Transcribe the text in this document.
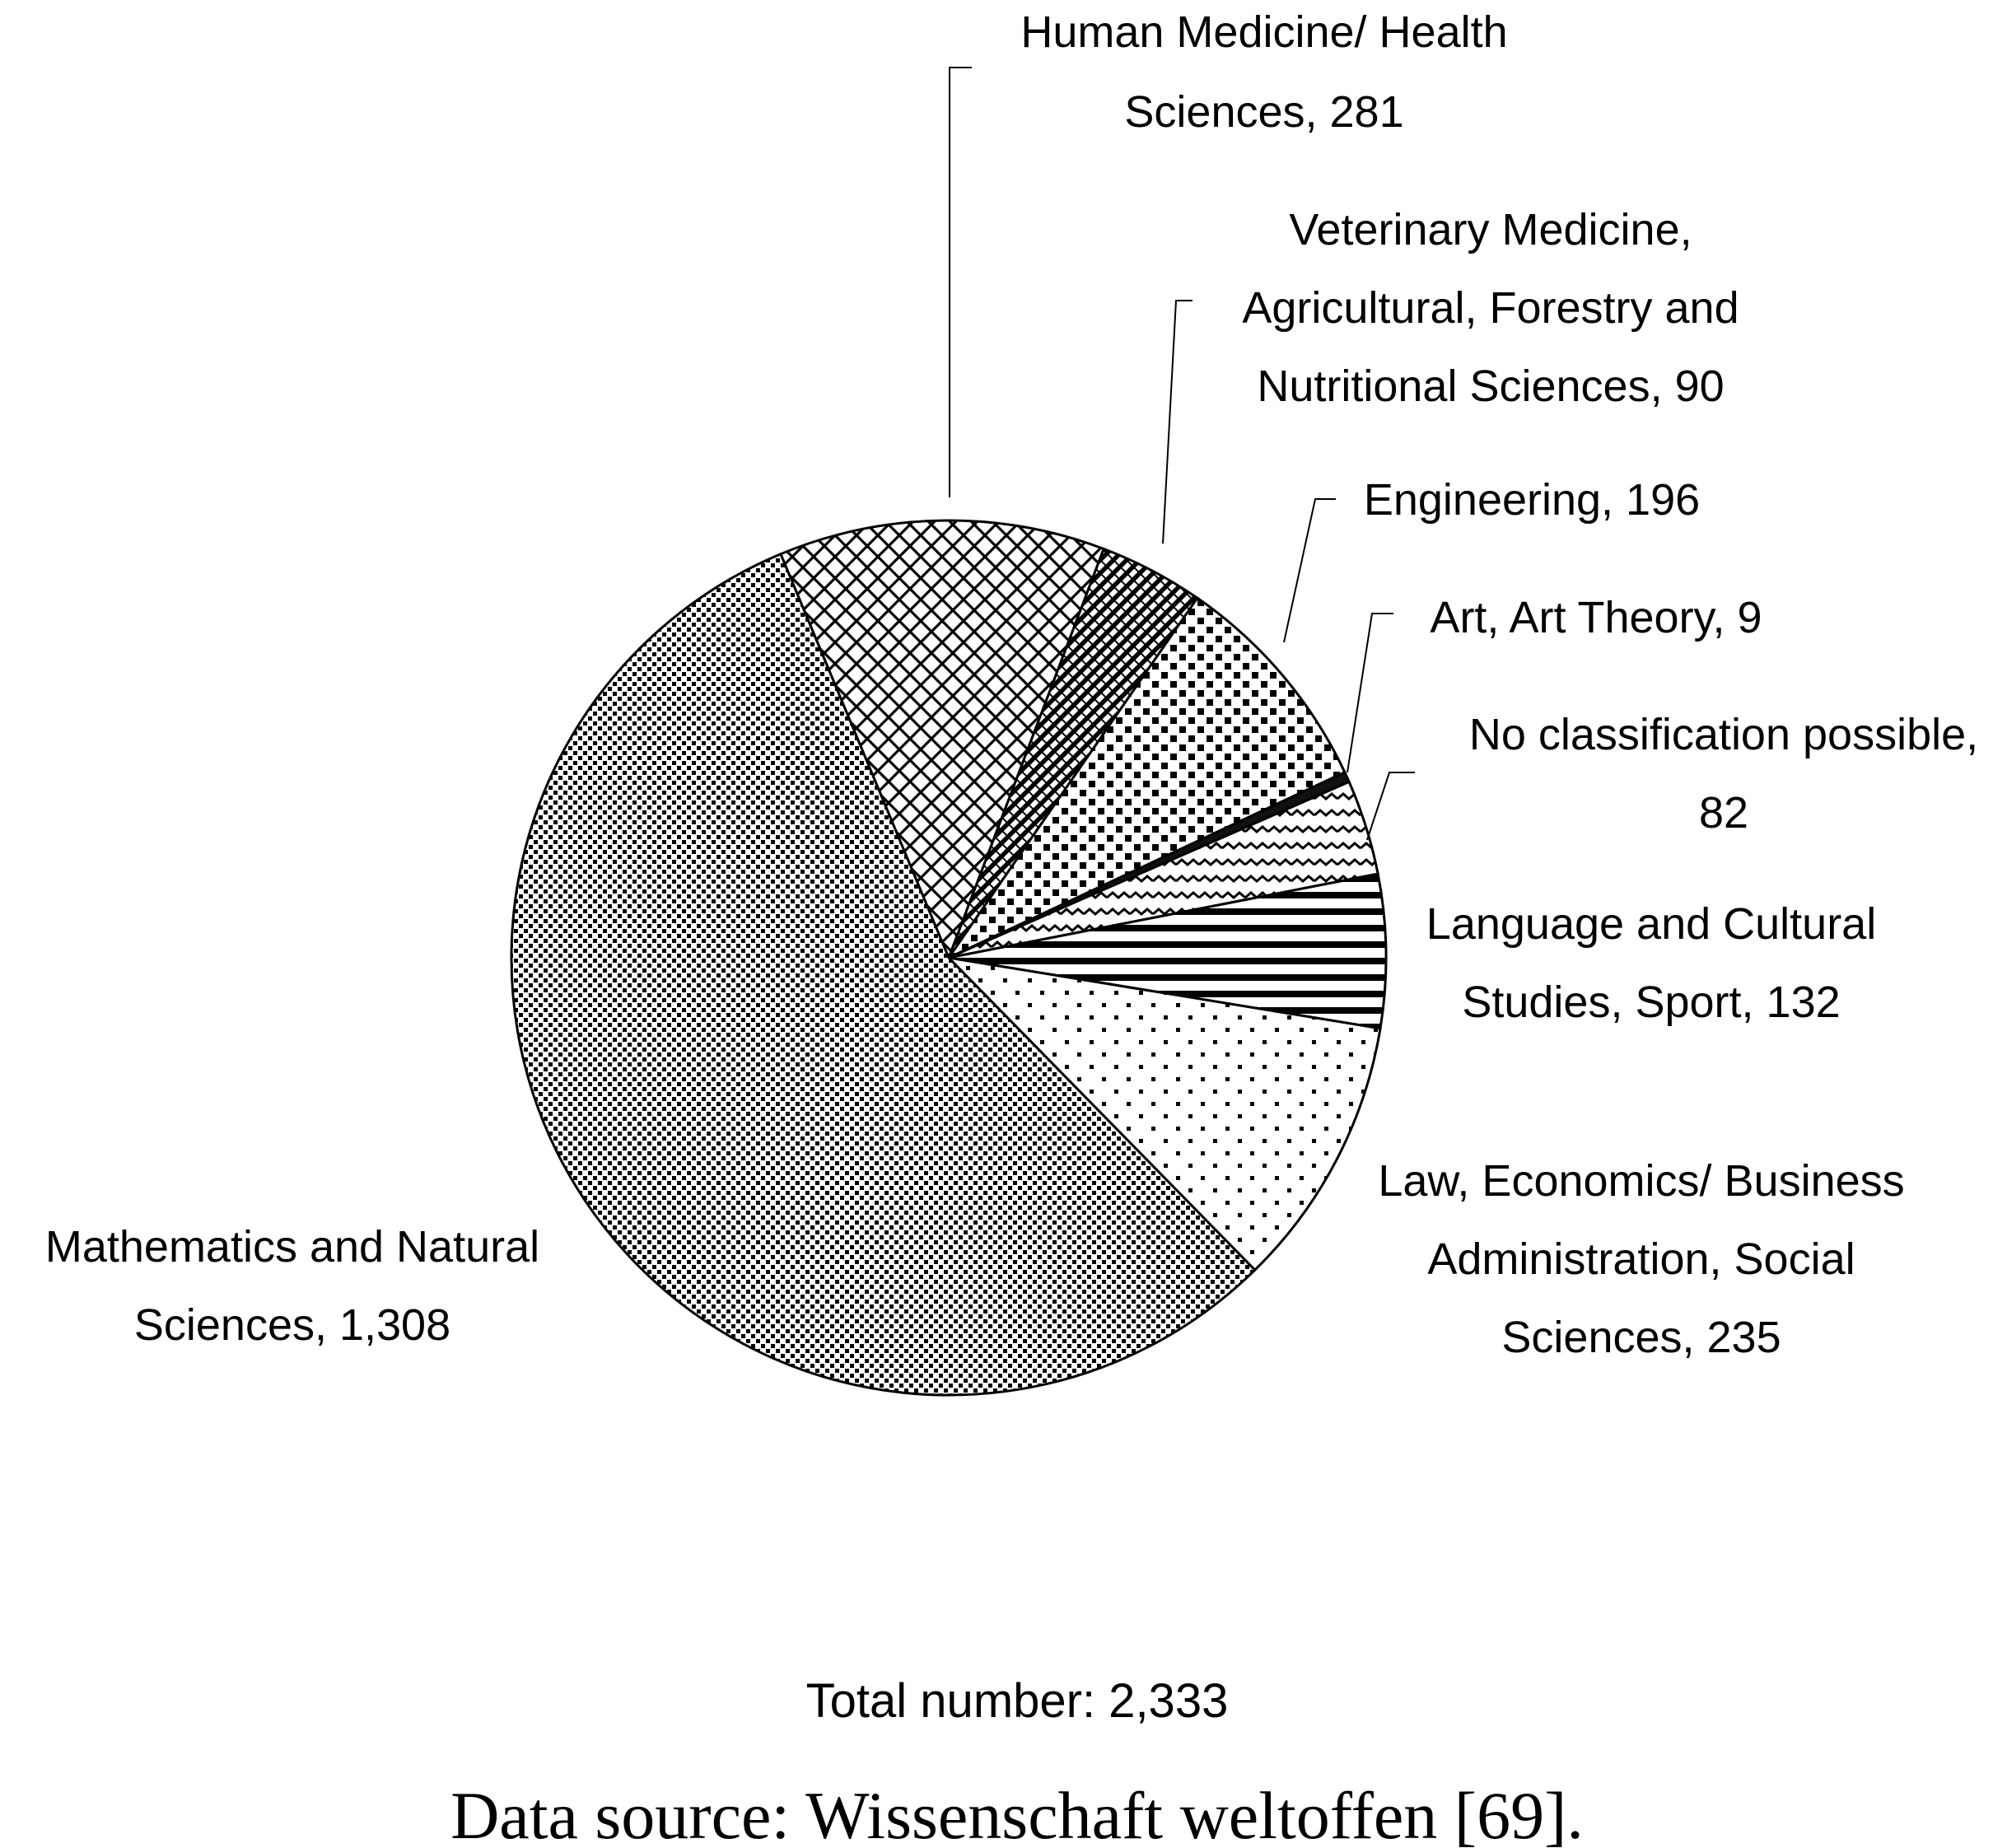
Human Medicine/ Health Sciences, 281
Veterinary Medicine, Agricultural, Forestry and Nutritional Sciences, 90
Engineering, 196
Art, Art Theory, 9
No classification possible, 82
Language and Cultural Studies, Sport, 132
Law, Economics/ Business Administration, Social Sciences, 235
Mathematics and Natural Sciences, 1,308
Total number: 2,333
Data source: Wissenschaft weltoffen [69].
